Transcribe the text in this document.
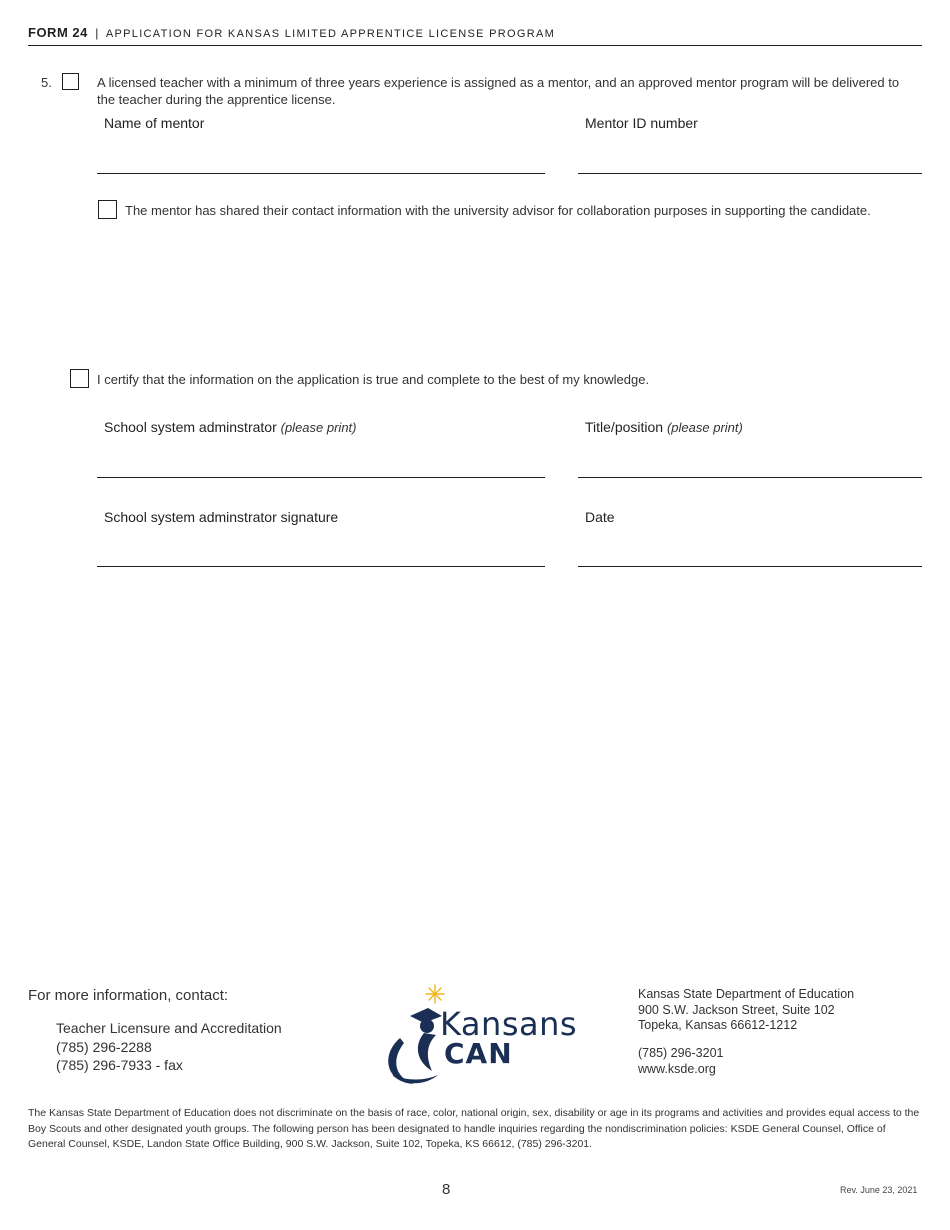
FORM 24 | APPLICATION FOR KANSAS LIMITED APPRENTICE LICENSE PROGRAM
5.	A licensed teacher with a minimum of three years experience is assigned as a mentor, and an approved mentor program will be delivered to the teacher during the apprentice license.
Name of mentor	Mentor ID number
The mentor has shared their contact information with the university advisor for collaboration purposes in supporting the candidate.
I certify that the information on the application is true and complete to the best of my knowledge.
School system adminstrator (please print)	Title/position (please print)
School system adminstrator signature	Date
For more information, contact:
Teacher Licensure and Accreditation
(785) 296-2288
(785) 296-7933 - fax
Kansans
CAN
Kansas State Department of Education
900 S.W. Jackson Street, Suite 102
Topeka, Kansas 66612-1212
(785) 296-3201
www.ksde.org
The Kansas State Department of Education does not discriminate on the basis of race, color, national origin, sex, disability or age in its programs and activities and provides equal access to the Boy Scouts and other designated youth groups. The following person has been designated to handle inquiries regarding the nondiscrimination policies: KSDE General Counsel, Office of General Counsel, KSDE, Landon State Office Building, 900 S.W. Jackson, Suite 102, Topeka, KS 66612, (785) 296-3201.
8	Rev. June 23, 2021
